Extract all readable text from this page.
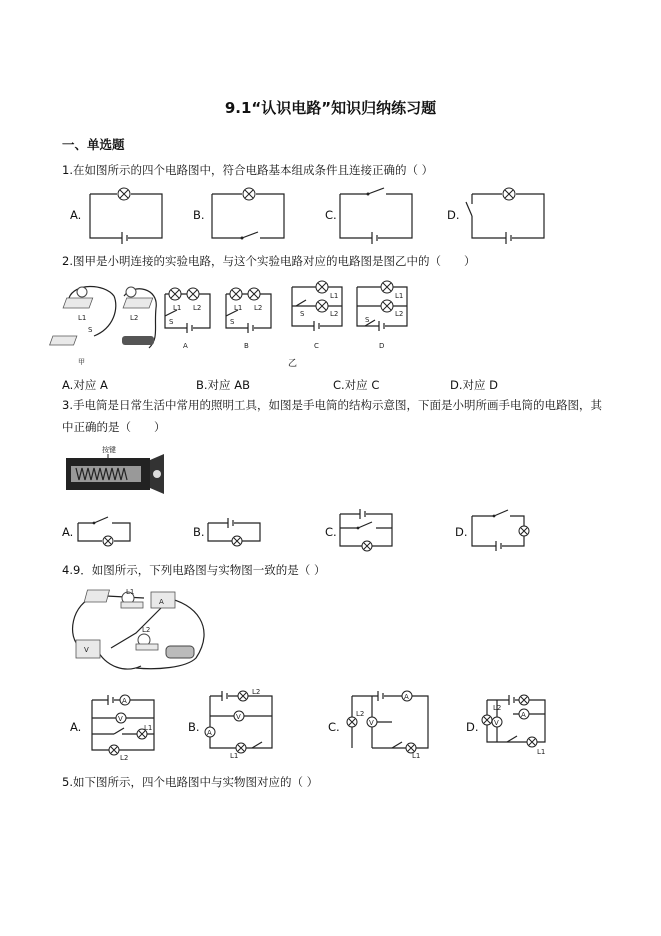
9.1“认识电路”知识归纳练习题
一、单选题
1.在如图所示的四个电路图中，符合电路基本组成条件且连接正确的（ ）
A.	B.	C.	D.
2.图甲是小明连接的实验电路，与这个实验电路对应的电路图是图乙中的（　　）
L1	L2
S
甲
L1 L2
S
A
L1 L2
S
B
L1
L2
S
C
L1
L2
S
D
乙
A.对应 A	B.对应 AB	C.对应 C	D.对应 D
3.手电筒是日常生活中常用的照明工具，如图是手电筒的结构示意图，下面是小明所画手电筒的电路图，其中正确的是（　　）
按键
A.	B.	C.	D.
4.9．如图所示，下列电路图与实物图一致的是（ ）
L1
L2
A
V
A.
A
V
L1
L2
B.
V
A
L2
L1
C.
A
V
L2
L1
D.
A
V
L2
L1
5.如下图所示，四个电路图中与实物图对应的（ ）
